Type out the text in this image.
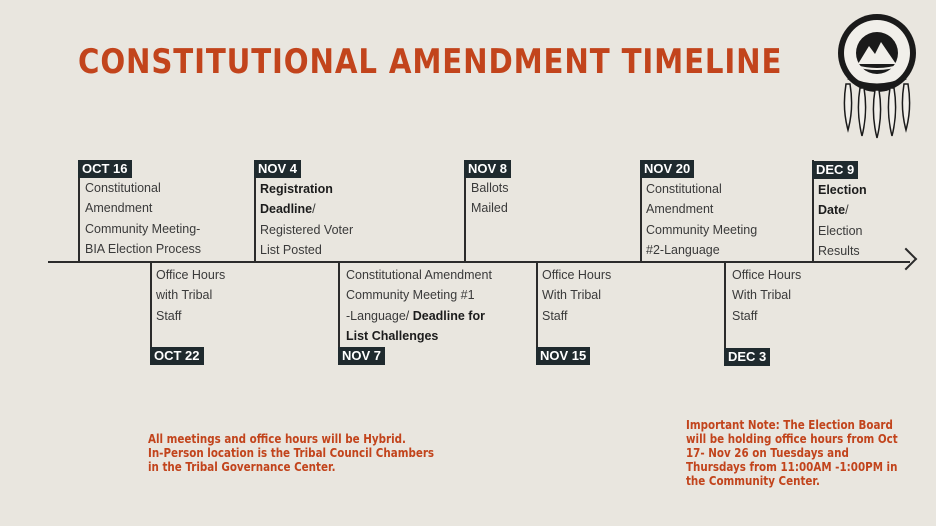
CONSTITUTIONAL AMENDMENT TIMELINE
OCT 16	NOV 4	NOV 8	NOV 20	DEC 9
Constitutional
Amendment
Community Meeting-
BIA Election Process
Registration
Deadline/
Registered Voter
List Posted
Ballots
Mailed
Constitutional
Amendment
Community Meeting
#2-Language
Election
Date/
Election
Results
Office Hours
with Tribal
Staff
Constitutional Amendment
Community Meeting #1
-Language/ Deadline for
List Challenges
Office Hours
With Tribal
Staff
Office Hours
With Tribal
Staff
OCT 22	NOV 7	NOV 15	DEC 3
All meetings and office hours will be Hybrid.
In-Person location is the Tribal Council Chambers
in the Tribal Governance Center.
Important Note: The Election Board
will be holding office hours from Oct
17- Nov 26 on Tuesdays and
Thursdays from 11:00AM -1:00PM in
the Community Center.
